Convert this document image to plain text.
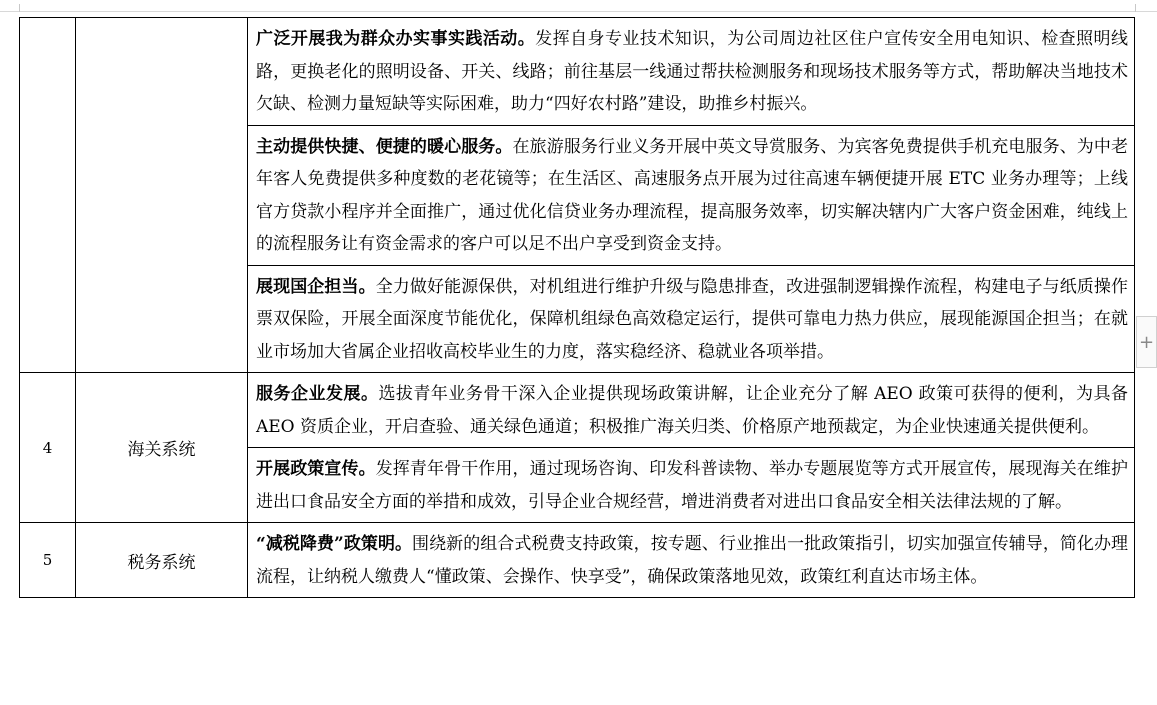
		广泛开展我为群众办实事实践活动。发挥自身专业技术知识，为公司周边社区住户宣传安全用电知识、检查照明线路，更换老化的照明设备、开关、线路；前往基层一线通过帮扶检测服务和现场技术服务等方式，帮助解决当地技术欠缺、检测力量短缺等实际困难，助力“四好农村路”建设，助推乡村振兴。
		主动提供快捷、便捷的暖心服务。在旅游服务行业义务开展中英文导赏服务、为宾客免费提供手机充电服务、为中老年客人免费提供多种度数的老花镜等；在生活区、高速服务点开展为过往高速车辆便捷开展 ETC 业务办理等；上线官方贷款小程序并全面推广，通过优化信贷业务办理流程，提高服务效率，切实解决辖内广大客户资金困难，纯线上的流程服务让有资金需求的客户可以足不出户享受到资金支持。
		展现国企担当。全力做好能源保供，对机组进行维护升级与隐患排查，改进强制逻辑操作流程，构建电子与纸质操作票双保险，开展全面深度节能优化，保障机组绿色高效稳定运行，提供可靠电力热力供应，展现能源国企担当；在就业市场加大省属企业招收高校毕业生的力度，落实稳经济、稳就业各项举措。
4	海关系统	服务企业发展。选拔青年业务骨干深入企业提供现场政策讲解，让企业充分了解 AEO 政策可获得的便利，为具备 AEO 资质企业，开启查验、通关绿色通道；积极推广海关归类、价格原产地预裁定，为企业快速通关提供便利。
		开展政策宣传。发挥青年骨干作用，通过现场咨询、印发科普读物、举办专题展览等方式开展宣传，展现海关在维护进出口食品安全方面的举措和成效，引导企业合规经营，增进消费者对进出口食品安全相关法律法规的了解。
5	税务系统	“减税降费”政策明。围绕新的组合式税费支持政策，按专题、行业推出一批政策指引，切实加强宣传辅导，简化办理流程，让纳税人缴费人“懂政策、会操作、快享受”，确保政策落地见效，政策红利直达市场主体。
+
